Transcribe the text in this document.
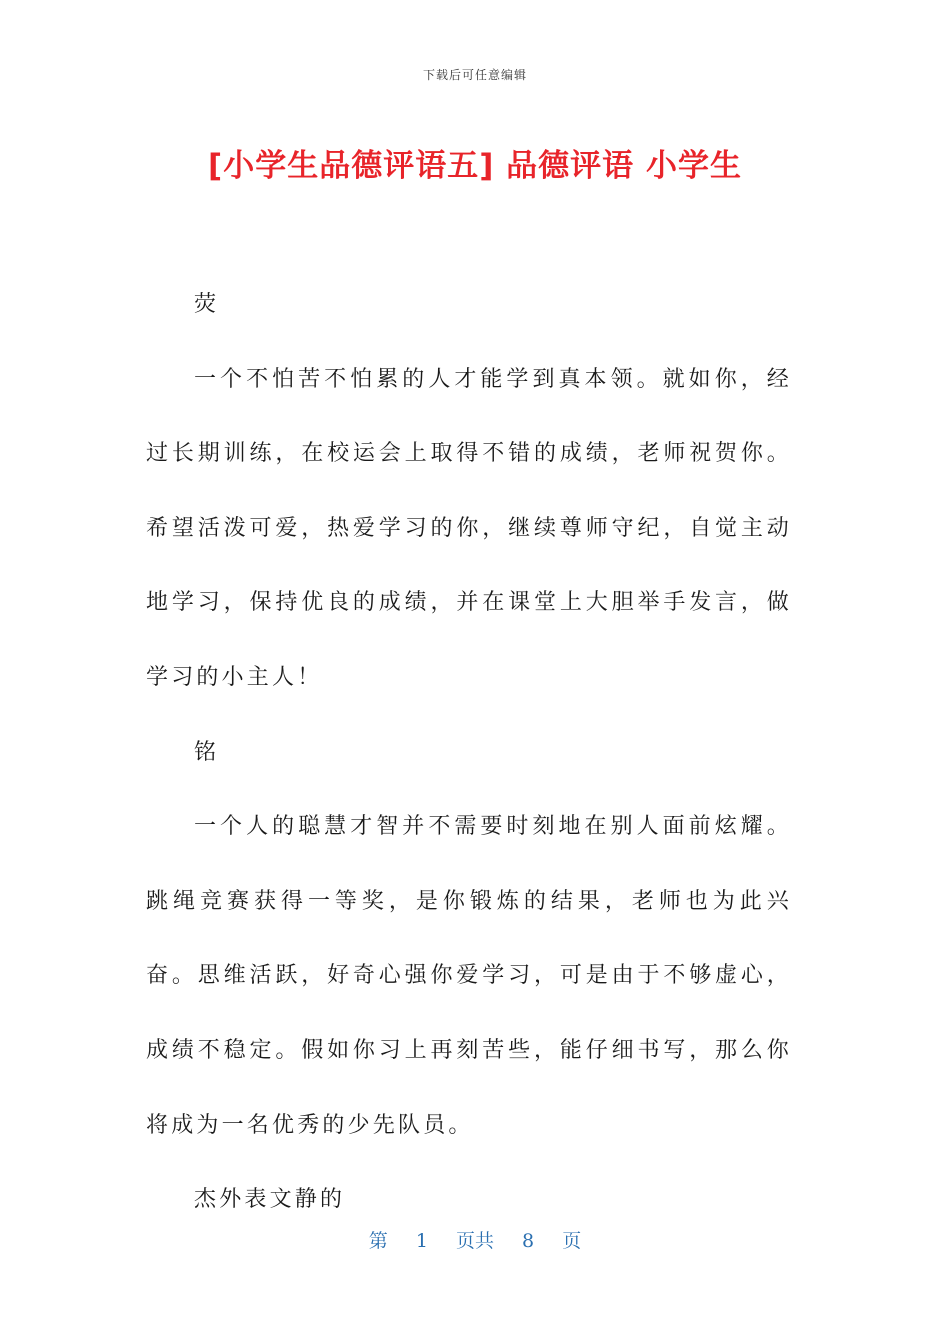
下载后可任意编辑
[小学生品德评语五] 品德评语 小学生

荧

一个不怕苦不怕累的人才能学到真本领。就如你，经过长期训练，在校运会上取得不错的成绩，老师祝贺你。希望活泼可爱，热爱学习的你，继续尊师守纪，自觉主动地学习，保持优良的成绩，并在课堂上大胆举手发言，做学习的小主人！

铭

一个人的聪慧才智并不需要时刻地在别人面前炫耀。跳绳竞赛获得一等奖，是你锻炼的结果，老师也为此兴奋。思维活跃，好奇心强你爱学习，可是由于不够虚心，成绩不稳定。假如你习上再刻苦些，能仔细书写，那么你将成为一名优秀的少先队员。

杰外表文静的

第 1 页共 8 页
